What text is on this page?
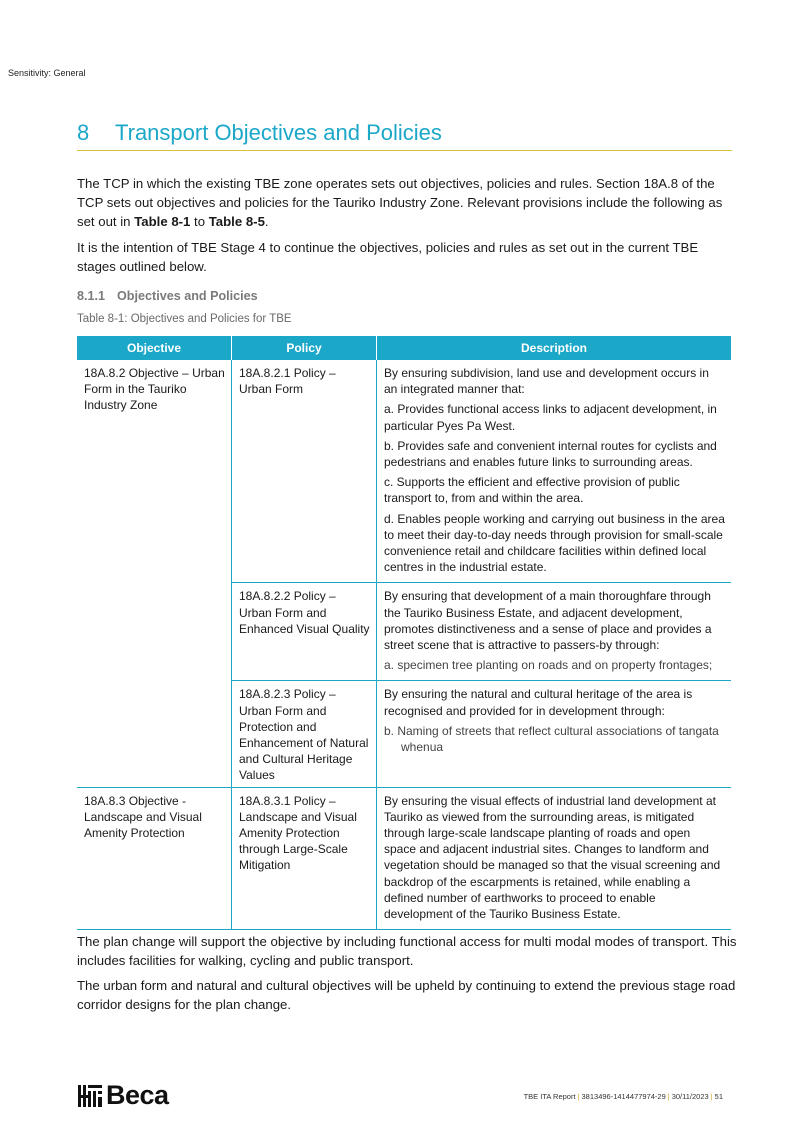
Sensitivity: General
8 Transport Objectives and Policies

The TCP in which the existing TBE zone operates sets out objectives, policies and rules. Section 18A.8 of the TCP sets out objectives and policies for the Tauriko Industry Zone. Relevant provisions include the following as set out in Table 8-1 to Table 8-5.

It is the intention of TBE Stage 4 to continue the objectives, policies and rules as set out in the current TBE stages outlined below.

8.1.1 Objectives and Policies
Table 8-1: Objectives and Policies for TBE
Objective	Policy	Description
18A.8.2 Objective – Urban Form in the Tauriko Industry Zone	18A.8.2.1 Policy – Urban Form	By ensuring subdivision, land use and development occurs in an integrated manner that:

a. Provides functional access links to adjacent development, in particular Pyes Pa West.

b. Provides safe and convenient internal routes for cyclists and pedestrians and enables future links to surrounding areas.

c. Supports the efficient and effective provision of public transport to, from and within the area.

d. Enables people working and carrying out business in the area to meet their day-to-day needs through provision for small-scale convenience retail and childcare facilities within defined local centres in the industrial estate.

	18A.8.2.2 Policy – Urban Form and Enhanced Visual Quality	By ensuring that development of a main thoroughfare through the Tauriko Business Estate, and adjacent development, promotes distinctiveness and a sense of place and provides a street scene that is attractive to passers-by through:

a. specimen tree planting on roads and on property frontages;

	18A.8.2.3 Policy – Urban Form and Protection and Enhancement of Natural and Cultural Heritage Values	By ensuring the natural and cultural heritage of the area is recognised and provided for in development through:

b. Naming of streets that reflect cultural associations of tangata whenua

18A.8.3 Objective - Landscape and Visual Amenity Protection	18A.8.3.1 Policy – Landscape and Visual Amenity Protection through Large-Scale Mitigation	By ensuring the visual effects of industrial land development at Tauriko as viewed from the surrounding areas, is mitigated through large-scale landscape planting of roads and open space and adjacent industrial sites. Changes to landform and vegetation should be managed so that the visual screening and backdrop of the escarpments is retained, while enabling a defined number of earthworks to proceed to enable development of the Tauriko Business Estate.

The plan change will support the objective by including functional access for multi modal modes of transport. This includes facilities for walking, cycling and public transport.

The urban form and natural and cultural objectives will be upheld by continuing to extend the previous stage road corridor designs for the plan change.

Beca	TBE ITA Report | 3813496-1414477974-29 | 30/11/2023 | 51
